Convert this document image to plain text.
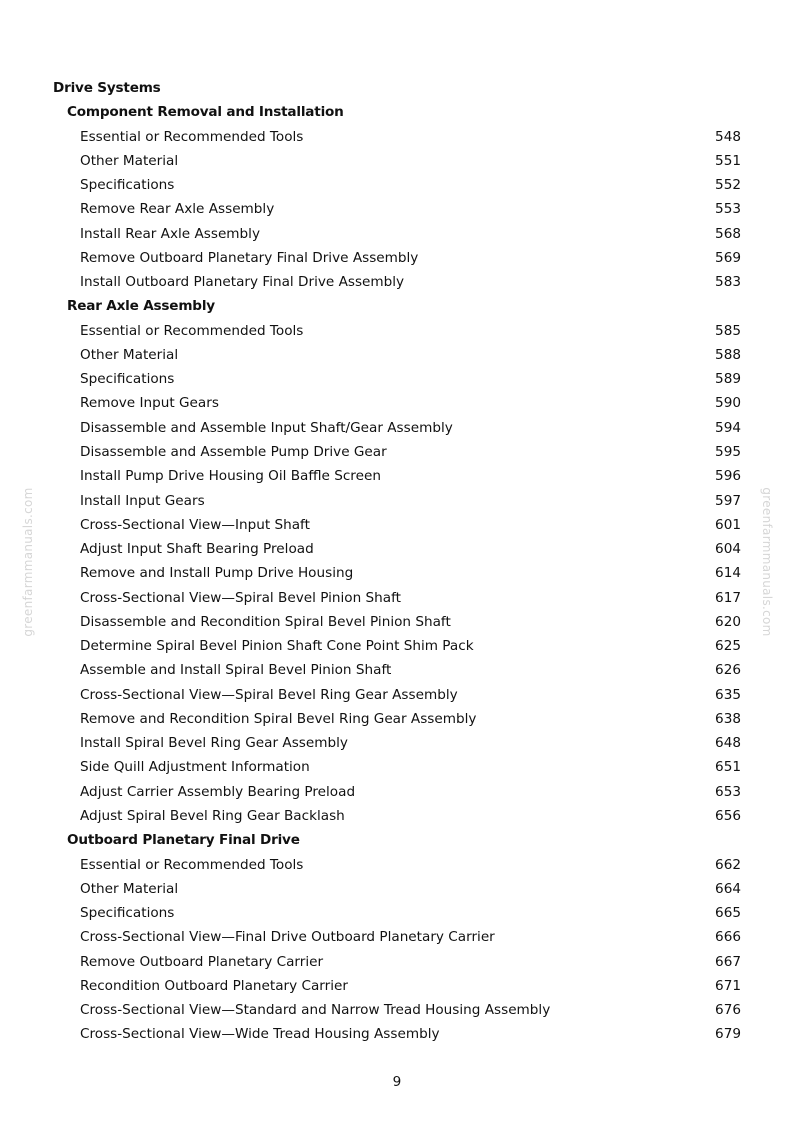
Drive Systems
Component Removal and Installation
Essential or Recommended Tools	548
Other Material	551
Specifications	552
Remove Rear Axle Assembly	553
Install Rear Axle Assembly	568
Remove Outboard Planetary Final Drive Assembly	569
Install Outboard Planetary Final Drive Assembly	583
Rear Axle Assembly
Essential or Recommended Tools	585
Other Material	588
Specifications	589
Remove Input Gears	590
Disassemble and Assemble Input Shaft/Gear Assembly	594
Disassemble and Assemble Pump Drive Gear	595
Install Pump Drive Housing Oil Baffle Screen	596
Install Input Gears	597
Cross-Sectional View—Input Shaft	601
Adjust Input Shaft Bearing Preload	604
Remove and Install Pump Drive Housing	614
Cross-Sectional View—Spiral Bevel Pinion Shaft	617
Disassemble and Recondition Spiral Bevel Pinion Shaft	620
Determine Spiral Bevel Pinion Shaft Cone Point Shim Pack	625
Assemble and Install Spiral Bevel Pinion Shaft	626
Cross-Sectional View—Spiral Bevel Ring Gear Assembly	635
Remove and Recondition Spiral Bevel Ring Gear Assembly	638
Install Spiral Bevel Ring Gear Assembly	648
Side Quill Adjustment Information	651
Adjust Carrier Assembly Bearing Preload	653
Adjust Spiral Bevel Ring Gear Backlash	656
Outboard Planetary Final Drive
Essential or Recommended Tools	662
Other Material	664
Specifications	665
Cross-Sectional View—Final Drive Outboard Planetary Carrier	666
Remove Outboard Planetary Carrier	667
Recondition Outboard Planetary Carrier	671
Cross-Sectional View—Standard and Narrow Tread Housing Assembly	676
Cross-Sectional View—Wide Tread Housing Assembly	679
greenfarmmanuals.com	greenfarmmanuals.com
9
